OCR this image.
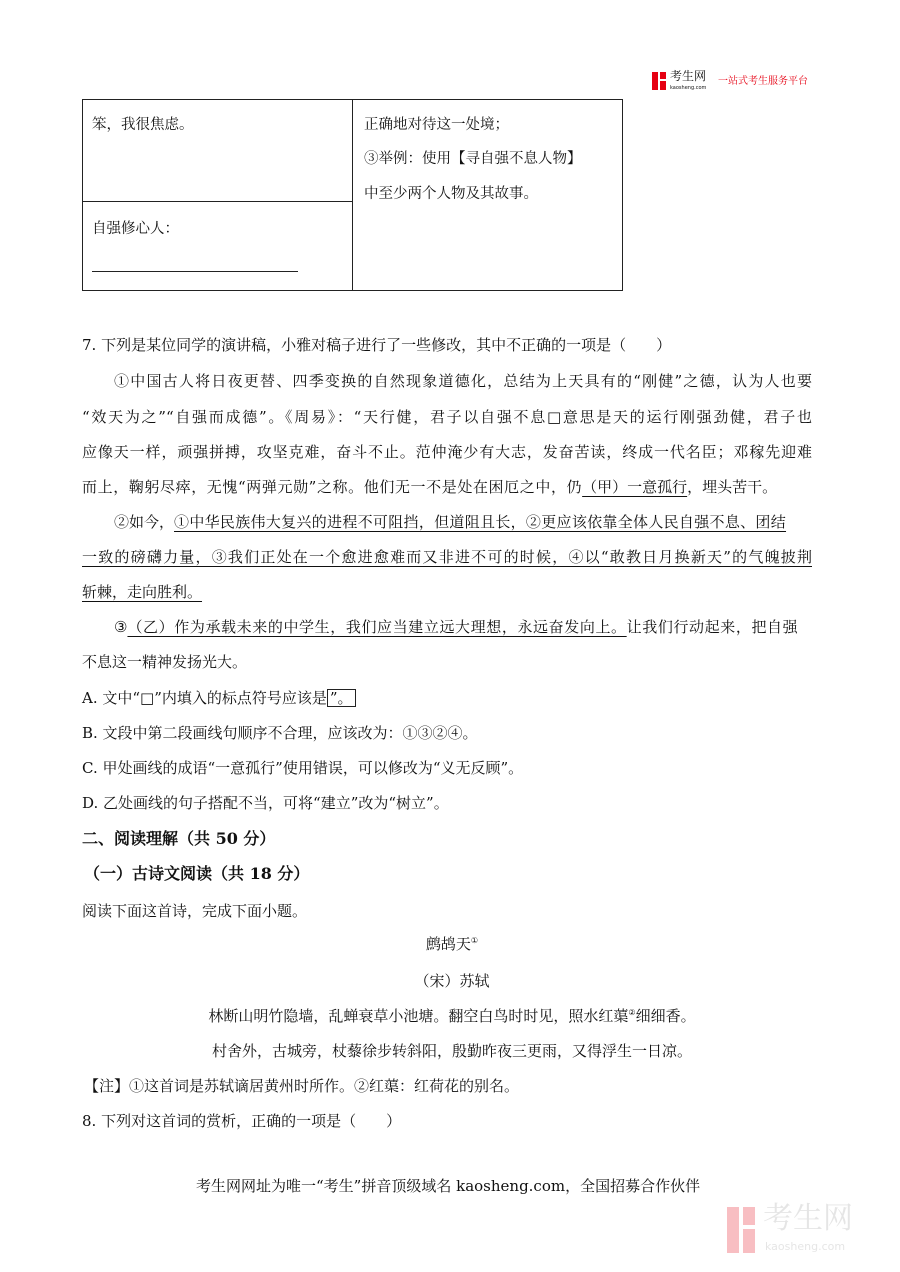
考生网
kaosheng.com
一站式考生服务平台
笨，我很焦虑。
自强修心人：
正确地对待这一处境；
③举例：使用【寻自强不息人物】
中至少两个人物及其故事。
7. 下列是某位同学的演讲稿，小雅对稿子进行了一些修改，其中不正确的一项是（　　）
①中国古人将日夜更替、四季变换的自然现象道德化，总结为上天具有的“刚健”之德，认为人也要
“效天为之”“自强而成德”。《周易》：“天行健，君子以自强不息□意思是天的运行刚强劲健，君子也
应像天一样，顽强拼搏，攻坚克难，奋斗不止。范仲淹少有大志，发奋苦读，终成一代名臣；邓稼先迎难
而上，鞠躬尽瘁，无愧“两弹元勋”之称。他们无一不是处在困厄之中，仍（甲）一意孤行，埋头苦干。
②如今，①中华民族伟大复兴的进程不可阻挡，但道阻且长，②更应该依靠全体人民自强不息、团结
一致的磅礴力量，③我们正处在一个愈进愈难而又非进不可的时候，④以“敢教日月换新天”的气魄披荆
斩棘，走向胜利。
③（乙）作为承载未来的中学生，我们应当建立远大理想，永远奋发向上。让我们行动起来，把自强
不息这一精神发扬光大。
A. 文中“□”内填入的标点符号应该是 ”。
B. 文段中第二段画线句顺序不合理，应该改为：①③②④。
C. 甲处画线的成语“一意孤行”使用错误，可以修改为“义无反顾”。
D. 乙处画线的句子搭配不当，可将“建立”改为“树立”。
二、阅读理解（共 50 分）
（一）古诗文阅读（共 18 分）
阅读下面这首诗，完成下面小题。
鹧鸪天①
（宋）苏轼
林断山明竹隐墙，乱蝉衰草小池塘。翻空白鸟时时见，照水红蕖②细细香。
村舍外，古城旁，杖藜徐步转斜阳，殷勤昨夜三更雨，又得浮生一日凉。
【注】①这首词是苏轼谪居黄州时所作。②红蕖：红荷花的别名。
8. 下列对这首词的赏析，正确的一项是（　　）
考生网网址为唯一“考生”拼音顶级域名 kaosheng.com，全国招募合作伙伴
考生网
kaosheng.com
